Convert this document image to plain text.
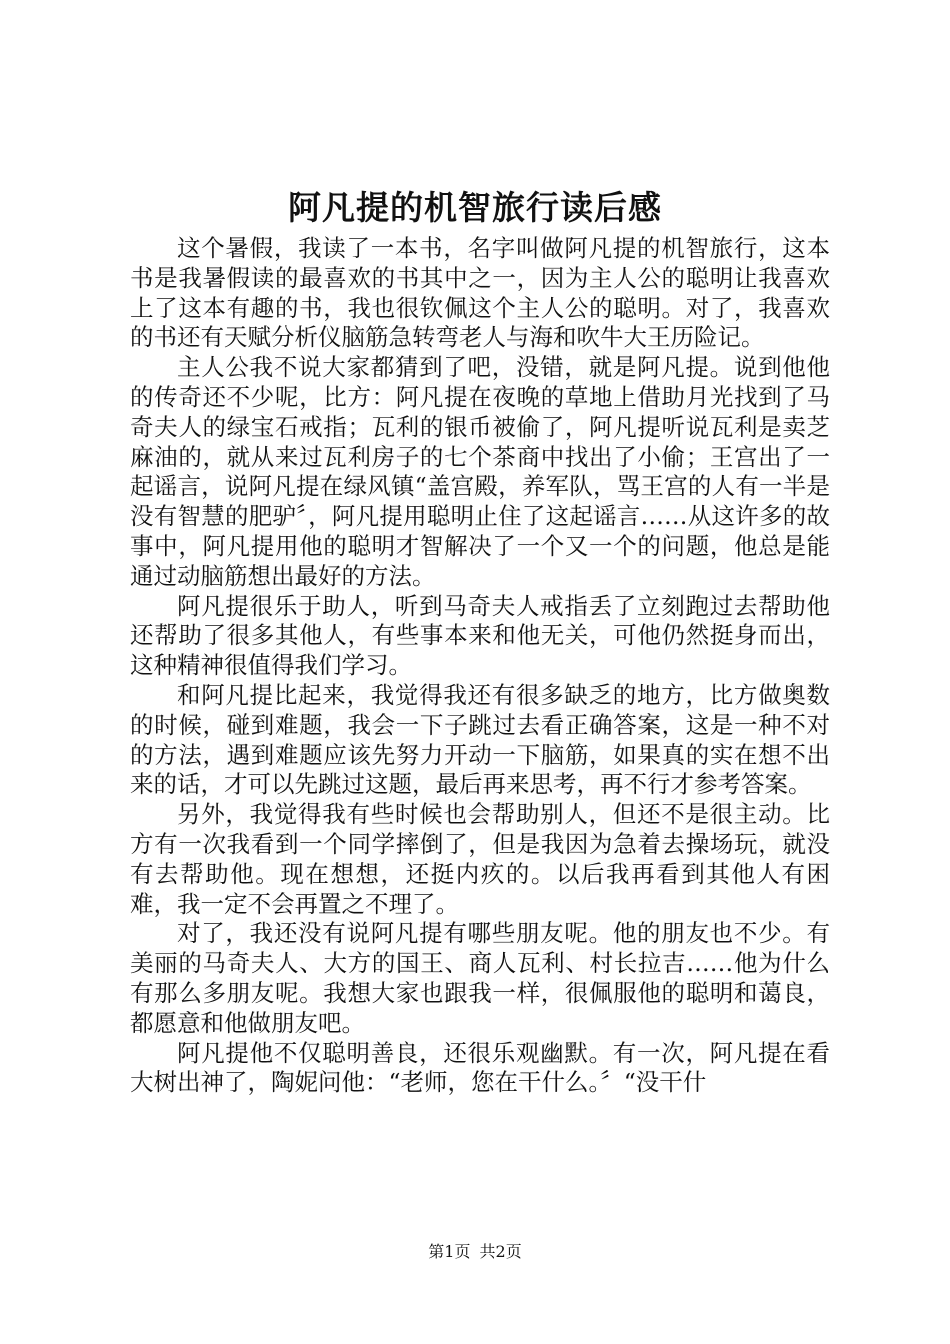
阿凡提的机智旅行读后感

这个暑假，我读了一本书，名字叫做阿凡提的机智旅行，这本书是我暑假读的最喜欢的书其中之一，因为主人公的聪明让我喜欢上了这本有趣的书，我也很钦佩这个主人公的聪明。对了，我喜欢的书还有天赋分析仪脑筋急转弯老人与海和吹牛大王历险记。

主人公我不说大家都猜到了吧，没错，就是阿凡提。说到他他的传奇还不少呢，比方：阿凡提在夜晚的草地上借助月光找到了马奇夫人的绿宝石戒指；瓦利的银币被偷了，阿凡提听说瓦利是卖芝麻油的，就从来过瓦利房子的七个茶商中找出了小偷；王宫出了一起谣言，说阿凡提在绿风镇“盖宫殿，养军队，骂王宫的人有一半是没有智慧的肥驴〞，阿凡提用聪明止住了这起谣言……从这许多的故事中，阿凡提用他的聪明才智解决了一个又一个的问题，他总是能通过动脑筋想出最好的方法。

阿凡提很乐于助人，听到马奇夫人戒指丢了立刻跑过去帮助他还帮助了很多其他人，有些事本来和他无关，可他仍然挺身而出，这种精神很值得我们学习。

和阿凡提比起来，我觉得我还有很多缺乏的地方，比方做奥数的时候，碰到难题，我会一下子跳过去看正确答案，这是一种不对的方法，遇到难题应该先努力开动一下脑筋，如果真的实在想不出来的话，才可以先跳过这题，最后再来思考，再不行才参考答案。

另外，我觉得我有些时候也会帮助别人，但还不是很主动。比方有一次我看到一个同学摔倒了，但是我因为急着去操场玩，就没有去帮助他。现在想想，还挺内疚的。以后我再看到其他人有困难，我一定不会再置之不理了。

对了，我还没有说阿凡提有哪些朋友呢。他的朋友也不少。有美丽的马奇夫人、大方的国王、商人瓦利、村长拉吉……他为什么有那么多朋友呢。我想大家也跟我一样，很佩服他的聪明和蔼良，都愿意和他做朋友吧。

阿凡提他不仅聪明善良，还很乐观幽默。有一次，阿凡提在看大树出神了，陶妮问他：“老师，您在干什么。〞“没干什

第1页 共2页
